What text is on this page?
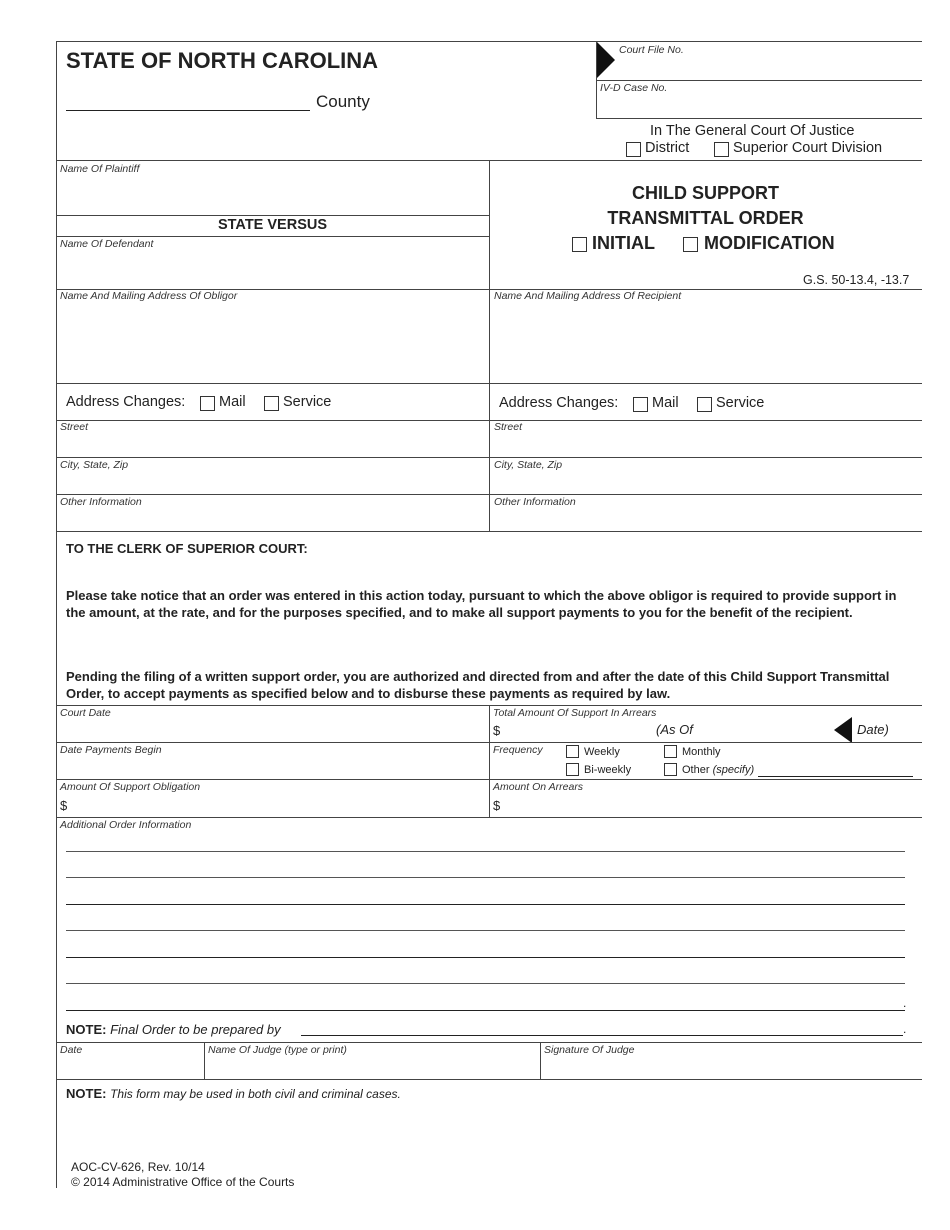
STATE OF NORTH CAROLINA
County
Court File No.
IV-D Case No.
In The General Court Of Justice
District	Superior Court Division
Name Of Plaintiff
STATE VERSUS
Name Of Defendant
CHILD SUPPORT
TRANSMITTAL ORDER
INITIAL	MODIFICATION
G.S. 50-13.4, -13.7
Name And Mailing Address Of Obligor	Name And Mailing Address Of Recipient
Address Changes: Mail	Service	Address Changes: Mail	Service
Street	Street
City, State, Zip	City, State, Zip
Other Information	Other Information
TO THE CLERK OF SUPERIOR COURT:
Please take notice that an order was entered in this action today, pursuant to which the above obligor is required to provide support in the amount, at the rate, and for the purposes specified, and to make all support payments to you for the benefit of the recipient.
Pending the filing of a written support order, you are authorized and directed from and after the date of this Child Support Transmittal Order, to accept payments as specified below and to disburse these payments as required by law.
Court Date	Total Amount Of Support In Arrears
$	(As Of	Date)
Date Payments Begin	Frequency	Weekly	Monthly
Bi-weekly	Other (specify)
Amount Of Support Obligation
$
Amount On Arrears
$
Additional Order Information
.
NOTE: Final Order to be prepared by	.
Date	Name Of Judge (type or print)	Signature Of Judge
NOTE: This form may be used in both civil and criminal cases.
AOC-CV-626, Rev. 10/14
© 2014 Administrative Office of the Courts
